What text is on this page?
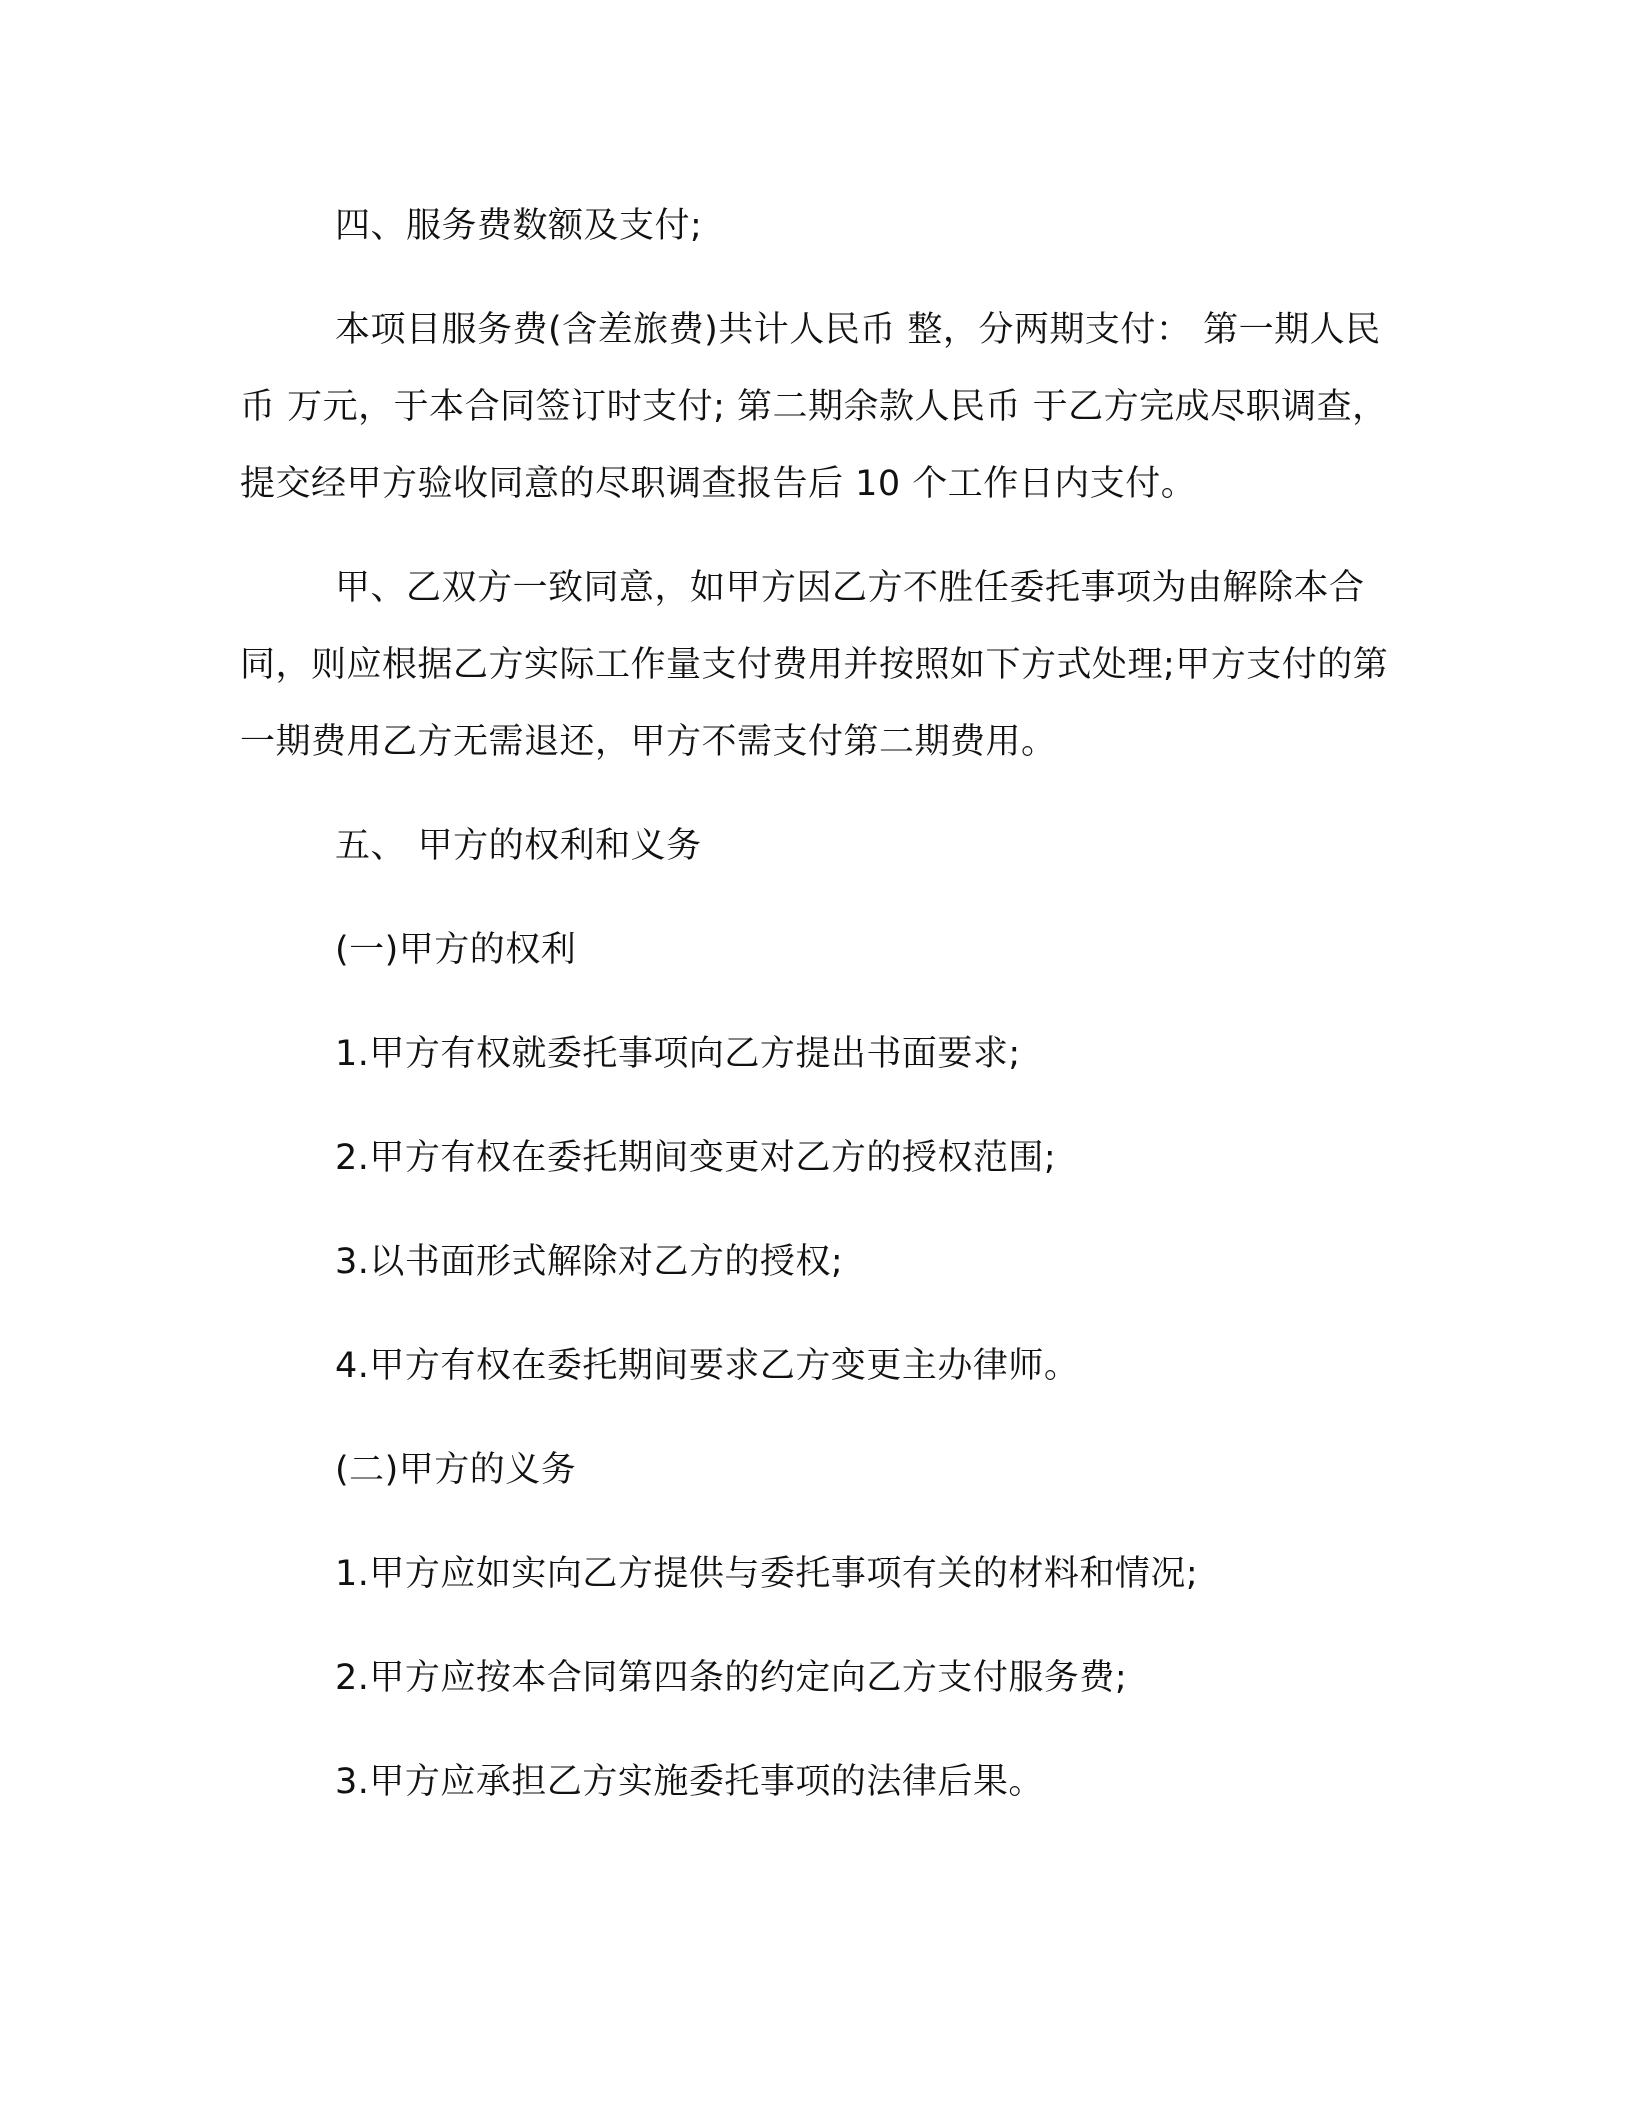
四、服务费数额及支付;

本项目服务费(含差旅费)共计人民币 整，分两期支付： 第一期人民币 万元，于本合同签订时支付; 第二期余款人民币 于乙方完成尽职调查，提交经甲方验收同意的尽职调查报告后 10 个工作日内支付。

甲、乙双方一致同意，如甲方因乙方不胜任委托事项为由解除本合同，则应根据乙方实际工作量支付费用并按照如下方式处理;甲方支付的第一期费用乙方无需退还，甲方不需支付第二期费用。

五、 甲方的权利和义务

(一)甲方的权利

1.甲方有权就委托事项向乙方提出书面要求;

2.甲方有权在委托期间变更对乙方的授权范围;

3.以书面形式解除对乙方的授权;

4.甲方有权在委托期间要求乙方变更主办律师。

(二)甲方的义务

1.甲方应如实向乙方提供与委托事项有关的材料和情况;

2.甲方应按本合同第四条的约定向乙方支付服务费;

3.甲方应承担乙方实施委托事项的法律后果。
